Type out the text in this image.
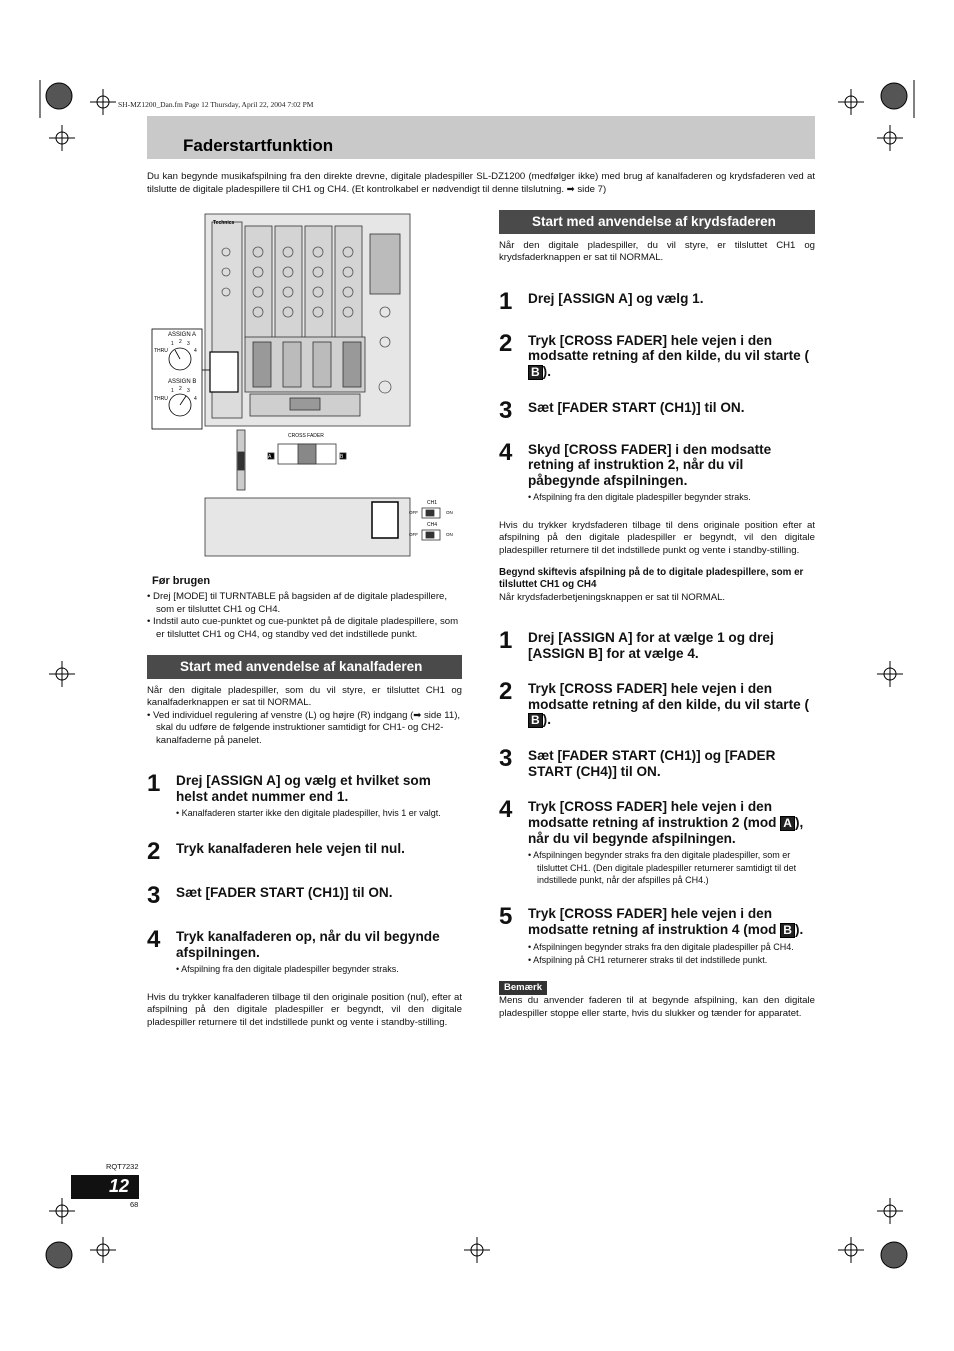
SH-MZ1200_Dan.fm Page 12 Thursday, April 22, 2004 7:02 PM
Faderstartfunktion
Du kan begynde musikafspilning fra den direkte drevne, digitale pladespiller SL-DZ1200 (medfølger ikke) med brug af kanalfaderen og krydsfaderen ved at tilslutte de digitale pladespillere til CH1 og CH4. (Et kontrolkabel er nødvendigt til denne tilslutning. ➡ side 7)
Technics
ASSIGN A
1 2 3
4
THRU
ASSIGN B
1 2 3
4
THRU
CROSS FADER
A	B
CH1
CH4
OFF	ON
OFF	ON
Før brugen
• Drej [MODE] til TURNTABLE på bagsiden af de digitale pladespillere, som er tilsluttet CH1 og CH4.
• Indstil auto cue-punktet og cue-punktet på de digitale pladespillere, som er tilsluttet CH1 og CH4, og standby ved det indstillede punkt.
Start med anvendelse af kanalfaderen

Når den digitale pladespiller, som du vil styre, er tilsluttet CH1 og kanalfaderknappen er sat til NORMAL.

• Ved individuel regulering af venstre (L) og højre (R) indgang (➡ side 11), skal du udføre de følgende instruktioner samtidigt for CH1- og CH2-kanalfaderne på panelet.
1	Drej [ASSIGN A] og vælg et hvilket som helst andet nummer end 1.
• Kanalfaderen starter ikke den digitale pladespiller, hvis 1 er valgt.
2	Tryk kanalfaderen hele vejen til nul.
3	Sæt [FADER START (CH1)] til ON.
4	Tryk kanalfaderen op, når du vil begynde afspilningen.
• Afspilning fra den digitale pladespiller begynder straks.

Hvis du trykker kanalfaderen tilbage til den originale position (nul), efter at afspilning på den digitale pladespiller er begyndt, vil den digitale pladespiller returnere til det indstillede punkt og vente i standby-stilling.

Start med anvendelse af krydsfaderen

Når den digitale pladespiller, du vil styre, er tilsluttet CH1 og krydsfaderknappen er sat til NORMAL.

1	Drej [ASSIGN A] og vælg 1.
2	Tryk [CROSS FADER] hele vejen i den modsatte retning af den kilde, du vil starte (B ).
3	Sæt [FADER START (CH1)] til ON.
4	Skyd [CROSS FADER] i den modsatte retning af instruktion 2, når du vil påbegynde afspilningen.
• Afspilning fra den digitale pladespiller begynder straks.

Hvis du trykker krydsfaderen tilbage til dens originale position efter at afspilning på den digitale pladespiller er begyndt, vil den digitale pladespiller returnere til det indstillede punkt og vente i standby-stilling.

Begynd skiftevis afspilning på de to digitale pladespillere, som er tilsluttet CH1 og CH4

Når krydsfaderbetjeningsknappen er sat til NORMAL.

1	Drej [ASSIGN A] for at vælge 1 og drej [ASSIGN B] for at vælge 4.
2	Tryk [CROSS FADER] hele vejen i den modsatte retning af den kilde, du vil starte (B ).
3	Sæt [FADER START (CH1)] og [FADER START (CH4)] til ON.
4	Tryk [CROSS FADER] hele vejen i den modsatte retning af instruktion 2 (mod A ), når du vil begynde afspilningen.
• Afspilningen begynder straks fra den digitale pladespiller, som er tilsluttet CH1. (Den digitale pladespiller returnerer samtidigt til det indstillede punkt, når der afspilles på CH4.)
5	Tryk [CROSS FADER] hele vejen i den modsatte retning af instruktion 4 (mod B ).
• Afspilningen begynder straks fra den digitale pladespiller på CH4.
• Afspilning på CH1 returnerer straks til det indstillede punkt.
Bemærk

Mens du anvender faderen til at begynde afspilning, kan den digitale pladespiller stoppe eller starte, hvis du slukker og tænder for apparatet.

RQT7232
12
68
